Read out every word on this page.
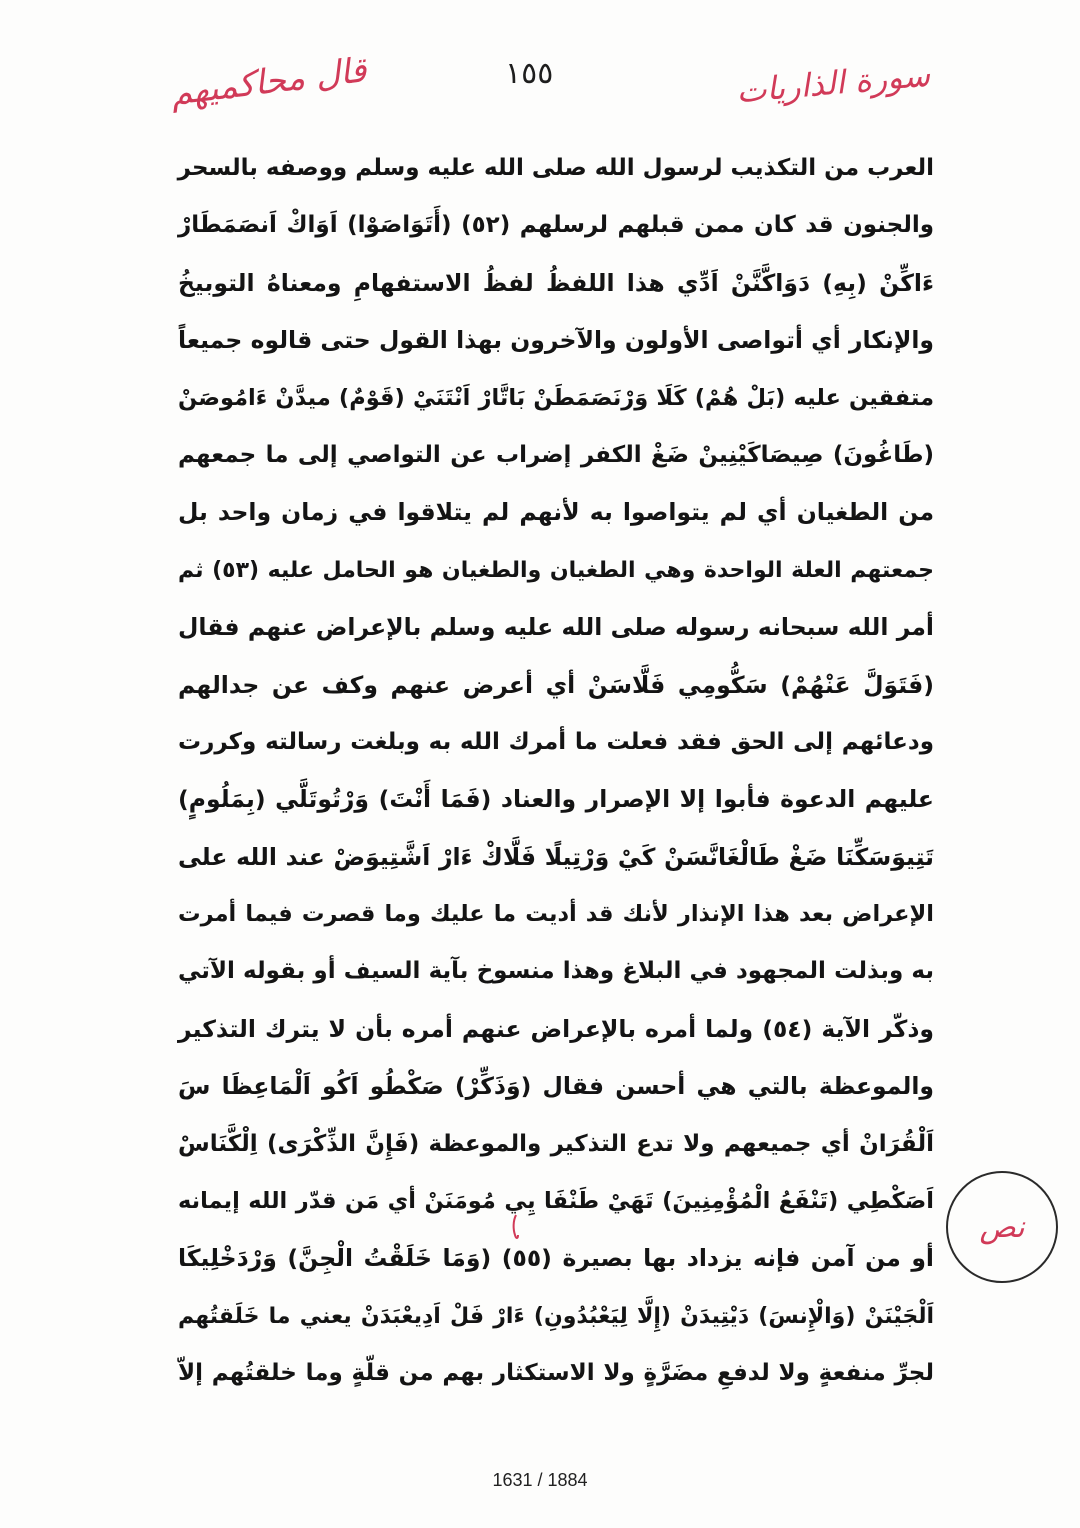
قال محاكميهم	١٥٥	سورة الذاريات
العرب من التكذيب لرسول الله صلى الله عليه وسلم ووصفه بالسحر
والجنون قد كان ممن قبلهم لرسلهم (٥٢) (أَتَوَاصَوْا) اَوَاكْ اَنصَمَطَارْ
ءَاكِّنْ (بِهِ) دَوَاكَّنَّنْ اَدِّي هذا اللفظُ لفظُ الاستفهامِ ومعناهُ التوبيخُ
والإنكار أي أتواصى الأولون والآخرون بهذا القول حتى قالوه جميعاً
متفقين عليه (بَلْ هُمْ) كَلَا وَرْنَصَمَطَنْ بَاتَّارْ اَنْتَنَيْ (قَوْمٌ) ميدَّنْ ءَامُوصَنْ
(طَاغُونَ) صِيصَاكَيْنِينْ ضَغْ الكفر إضراب عن التواصي إلى ما جمعهم
من الطغيان أي لم يتواصوا به لأنهم لم يتلاقوا في زمان واحد بل
جمعتهم العلة الواحدة وهي الطغيان والطغيان هو الحامل عليه (٥٣) ثم
أمر الله سبحانه رسوله صلى الله عليه وسلم بالإعراض عنهم فقال
(فَتَوَلَّ عَنْهُمْ) سَكُّومِي فَلَّاسَنْ أي أعرض عنهم وكف عن جدالهم
ودعائهم إلى الحق فقد فعلت ما أمرك الله به وبلغت رسالته وكررت
عليهم الدعوة فأبوا إلا الإصرار والعناد (فَمَا أَنْتَ) وَرْتُوتَلَّي (بِمَلُومٍ)
تَتِيوَسَكِّنَا ضَغْ طَالْغَانَّسَنْ كَيْ وَرْتِيلًا فَلَّاكْ ءَارْ اَشَّتِيوَضْ عند الله على
الإعراض بعد هذا الإنذار لأنك قد أديت ما عليك وما قصرت فيما أمرت
به وبذلت المجهود في البلاغ وهذا منسوخ بآية السيف أو بقوله الآتي
وذكّر الآية (٥٤) ولما أمره بالإعراض عنهم أمره بأن لا يترك التذكير
والموعظة بالتي هي أحسن فقال (وَذَكِّرْ) صَكْطُو اَكُو اَلْمَاعِظَا سَ
اَلْقُرَانْ أي جميعهم ولا تدع التذكير والموعظة (فَإِنَّ الذِّكْرَى) اِلْكَّنَاسْ
اَصَكْطِي (تَنْفَعُ الْمُؤْمِنِينَ) تَهَيْ طَنْفَا يِي مُومَنَنْ أي مَن قدّر الله إيمانه
أو من آمن فإنه يزداد بها بصيرة (٥٥) (وَمَا خَلَقْتُ الْجِنَّ) وَرْدَخْلِيكَا
اَلْجَيْنَنْ (وَالْإِنسَ) دَيْتِيدَنْ (إِلَّا لِيَعْبُدُونِ) ءَارْ فَلْ اَدِيعْبَدَنْ يعني ما خَلَقتُهم
لجرِّ منفعةٍ ولا لدفعِ مضَرَّةٍ ولا الاستكثار بهم من قلّةٍ وما خلقتُهم إلاّ
نص
1631 / 1884
